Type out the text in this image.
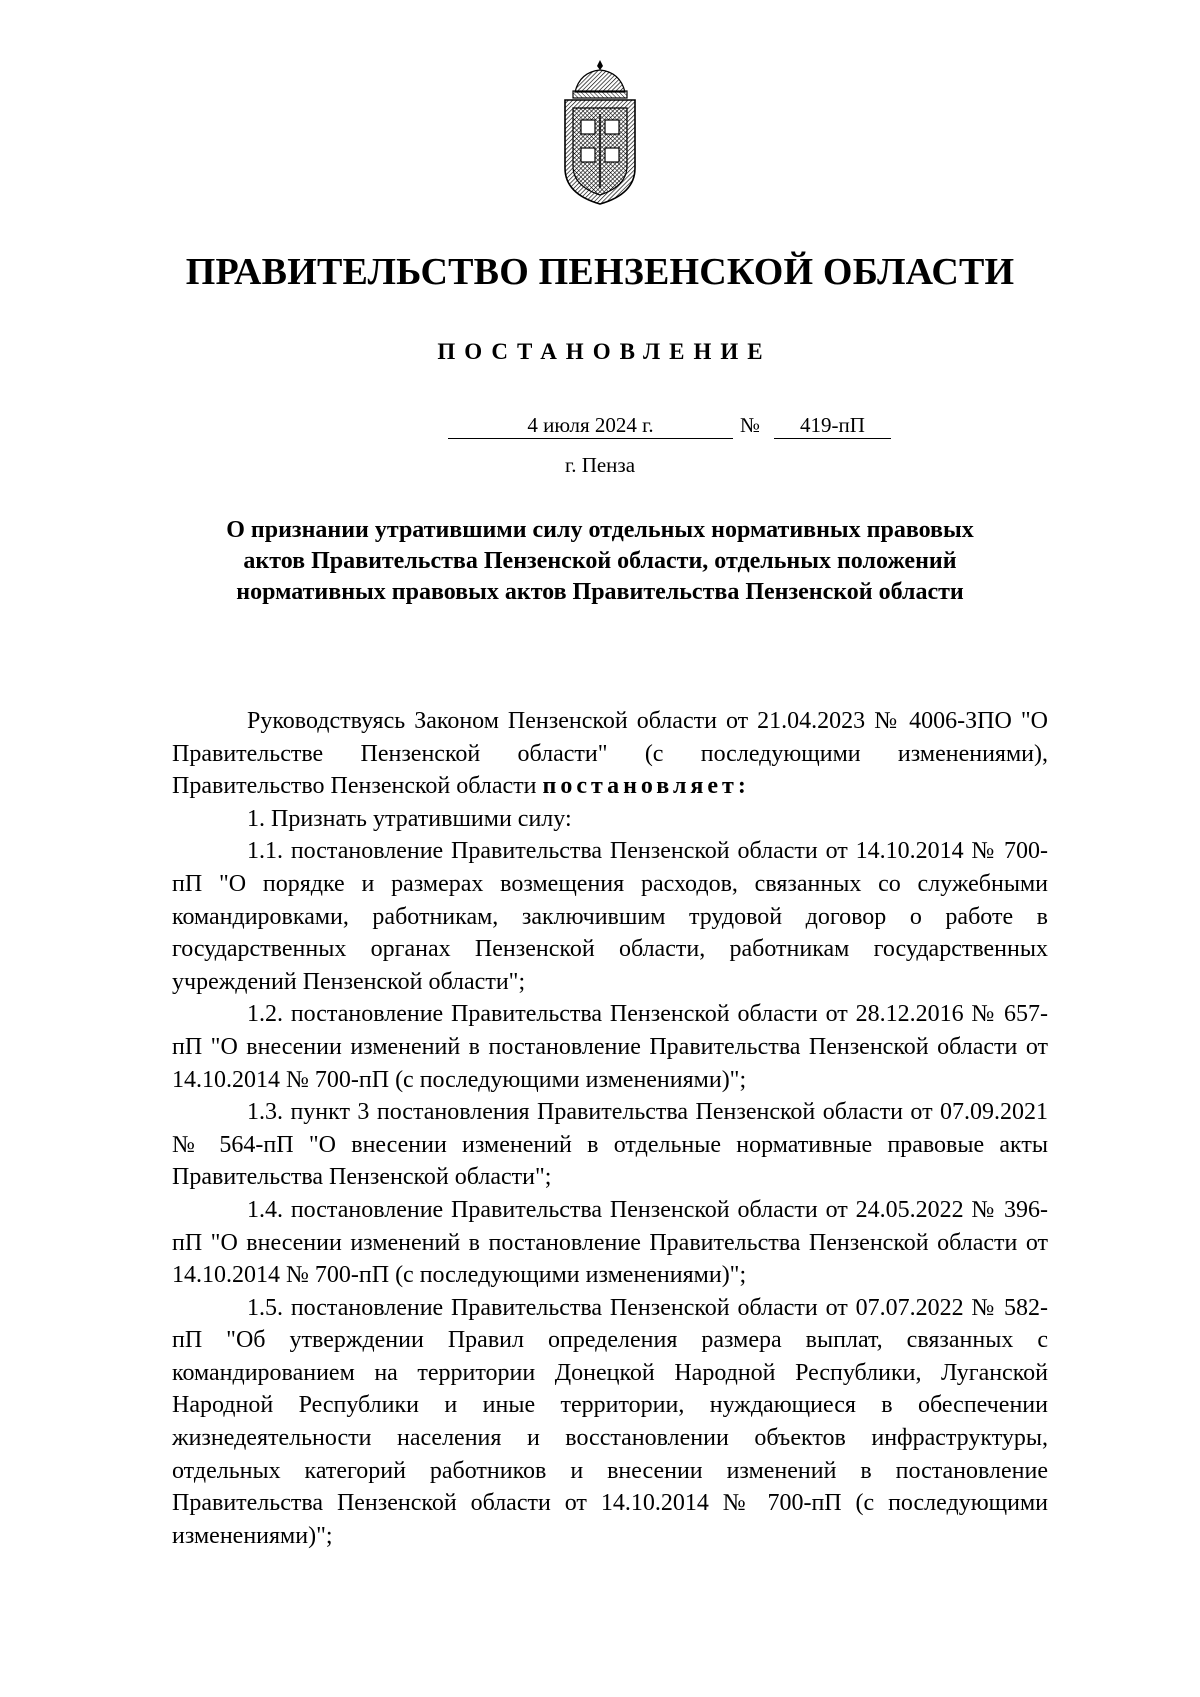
ПРАВИТЕЛЬСТВО ПЕНЗЕНСКОЙ ОБЛАСТИ
ПОСТАНОВЛЕНИЕ
4 июля 2024 г.	№	419-пП
г. Пенза
О признании утратившими силу отдельных нормативных правовых актов Правительства Пензенской области, отдельных положений нормативных правовых актов Правительства Пензенской области

Руководствуясь Законом Пензенской области от 21.04.2023 № 4006-ЗПО "О Правительстве Пензенской области" (с последующими изменениями), Правительство Пензенской области постановляет:

1. Признать утратившими силу:

1.1. постановление Правительства Пензенской области от 14.10.2014 № 700-пП "О порядке и размерах возмещения расходов, связанных со служебными командировками, работникам, заключившим трудовой договор о работе в государственных органах Пензенской области, работникам государственных учреждений Пензенской области";

1.2. постановление Правительства Пензенской области от 28.12.2016 № 657-пП "О внесении изменений в постановление Правительства Пензенской области от 14.10.2014 № 700-пП (с последующими изменениями)";

1.3. пункт 3 постановления Правительства Пензенской области от 07.09.2021 № 564-пП "О внесении изменений в отдельные нормативные правовые акты Правительства Пензенской области";

1.4. постановление Правительства Пензенской области от 24.05.2022 № 396-пП "О внесении изменений в постановление Правительства Пензенской области от 14.10.2014 № 700-пП (с последующими изменениями)";

1.5. постановление Правительства Пензенской области от 07.07.2022 № 582-пП "Об утверждении Правил определения размера выплат, связанных с командированием на территории Донецкой Народной Республики, Луганской Народной Республики и иные территории, нуждающиеся в обеспечении жизнедеятельности населения и восстановлении объектов инфраструктуры, отдельных категорий работников и внесении изменений в постановление Правительства Пензенской области от 14.10.2014 № 700-пП (с последующими изменениями)";
